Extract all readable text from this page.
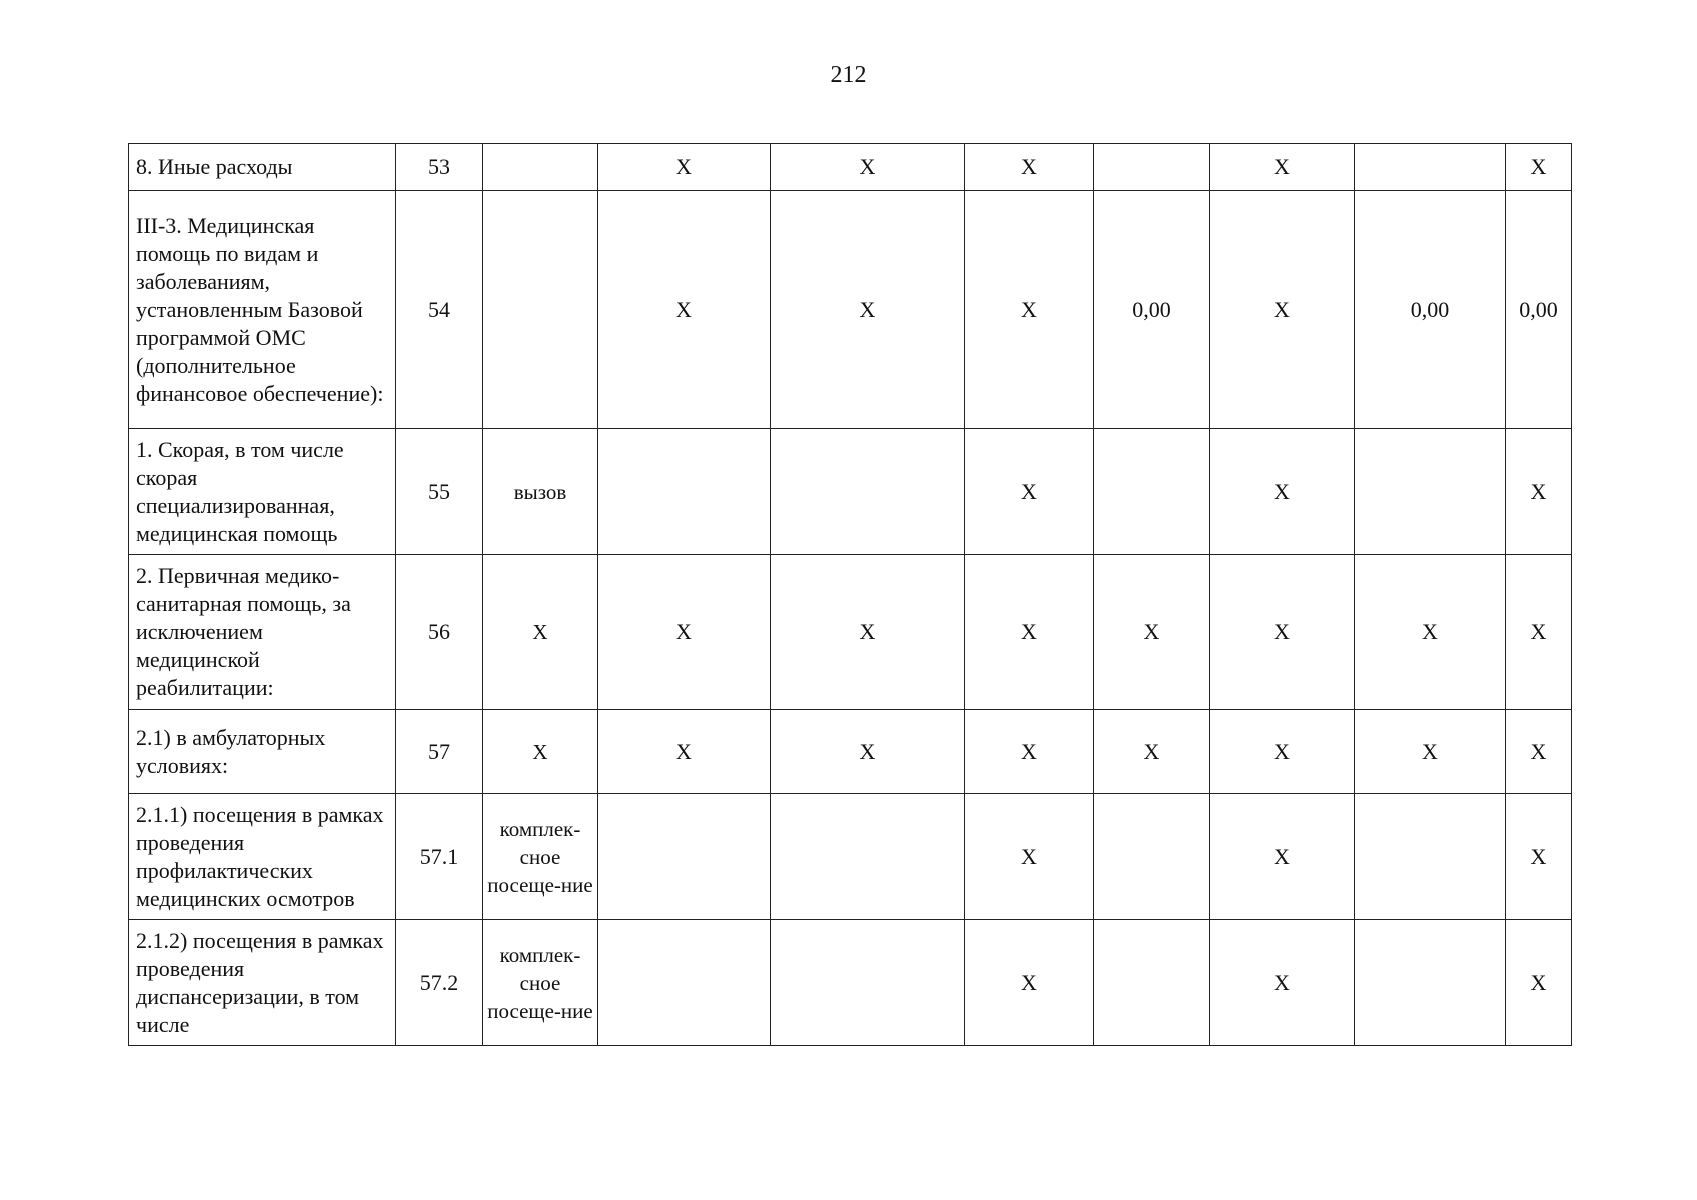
212
8. Иные расходы	53		X	X	X		X		X
III-3. Медицинская помощь по видам и заболеваниям, установленным Базовой программой ОМС (дополнительное финансовое обеспечение):	54		X	X	X	0,00	X	0,00	0,00
1. Скорая, в том числе скорая специализированная, медицинская помощь	55	вызов			X		X		X
2. Первичная медико-санитарная помощь, за исключением медицинской реабилитации:	56	X	X	X	X	X	X	X	X
2.1) в амбулаторных условиях:	57	X	X	X	X	X	X	X	X
2.1.1) посещения в рамках проведения профилактических медицинских осмотров	57.1	комплек-сное посеще-ние			X		X		X
2.1.2) посещения в рамках проведения диспансеризации, в том числе	57.2	комплек-сное посеще-ние			X		X		X
